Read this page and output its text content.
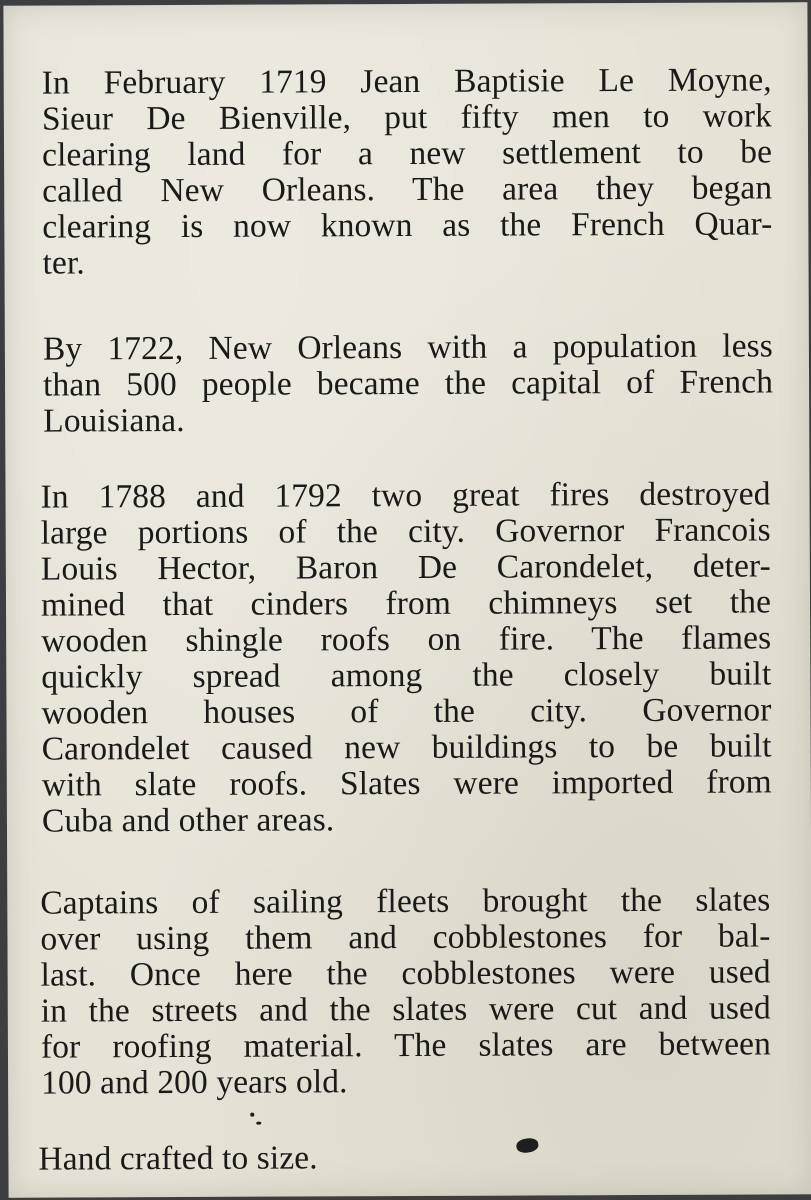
In February 1719 Jean Baptisie Le Moyne,
Sieur De Bienville, put fifty men to work
clearing land for a new settlement to be
called New Orleans. The area they began
clearing is now known as the French Quar-
ter.
By 1722, New Orleans with a population less
than 500 people became the capital of French
Louisiana.
In 1788 and 1792 two great fires destroyed
large portions of the city. Governor Francois
Louis Hector, Baron De Carondelet, deter-
mined that cinders from chimneys set the
wooden shingle roofs on fire. The flames
quickly spread among the closely built
wooden houses of the city. Governor
Carondelet caused new buildings to be built
with slate roofs. Slates were imported from
Cuba and other areas.
Captains of sailing fleets brought the slates
over using them and cobblestones for bal-
last. Once here the cobblestones were used
in the streets and the slates were cut and used
for roofing material. The slates are between
100 and 200 years old.
Hand crafted to size.
